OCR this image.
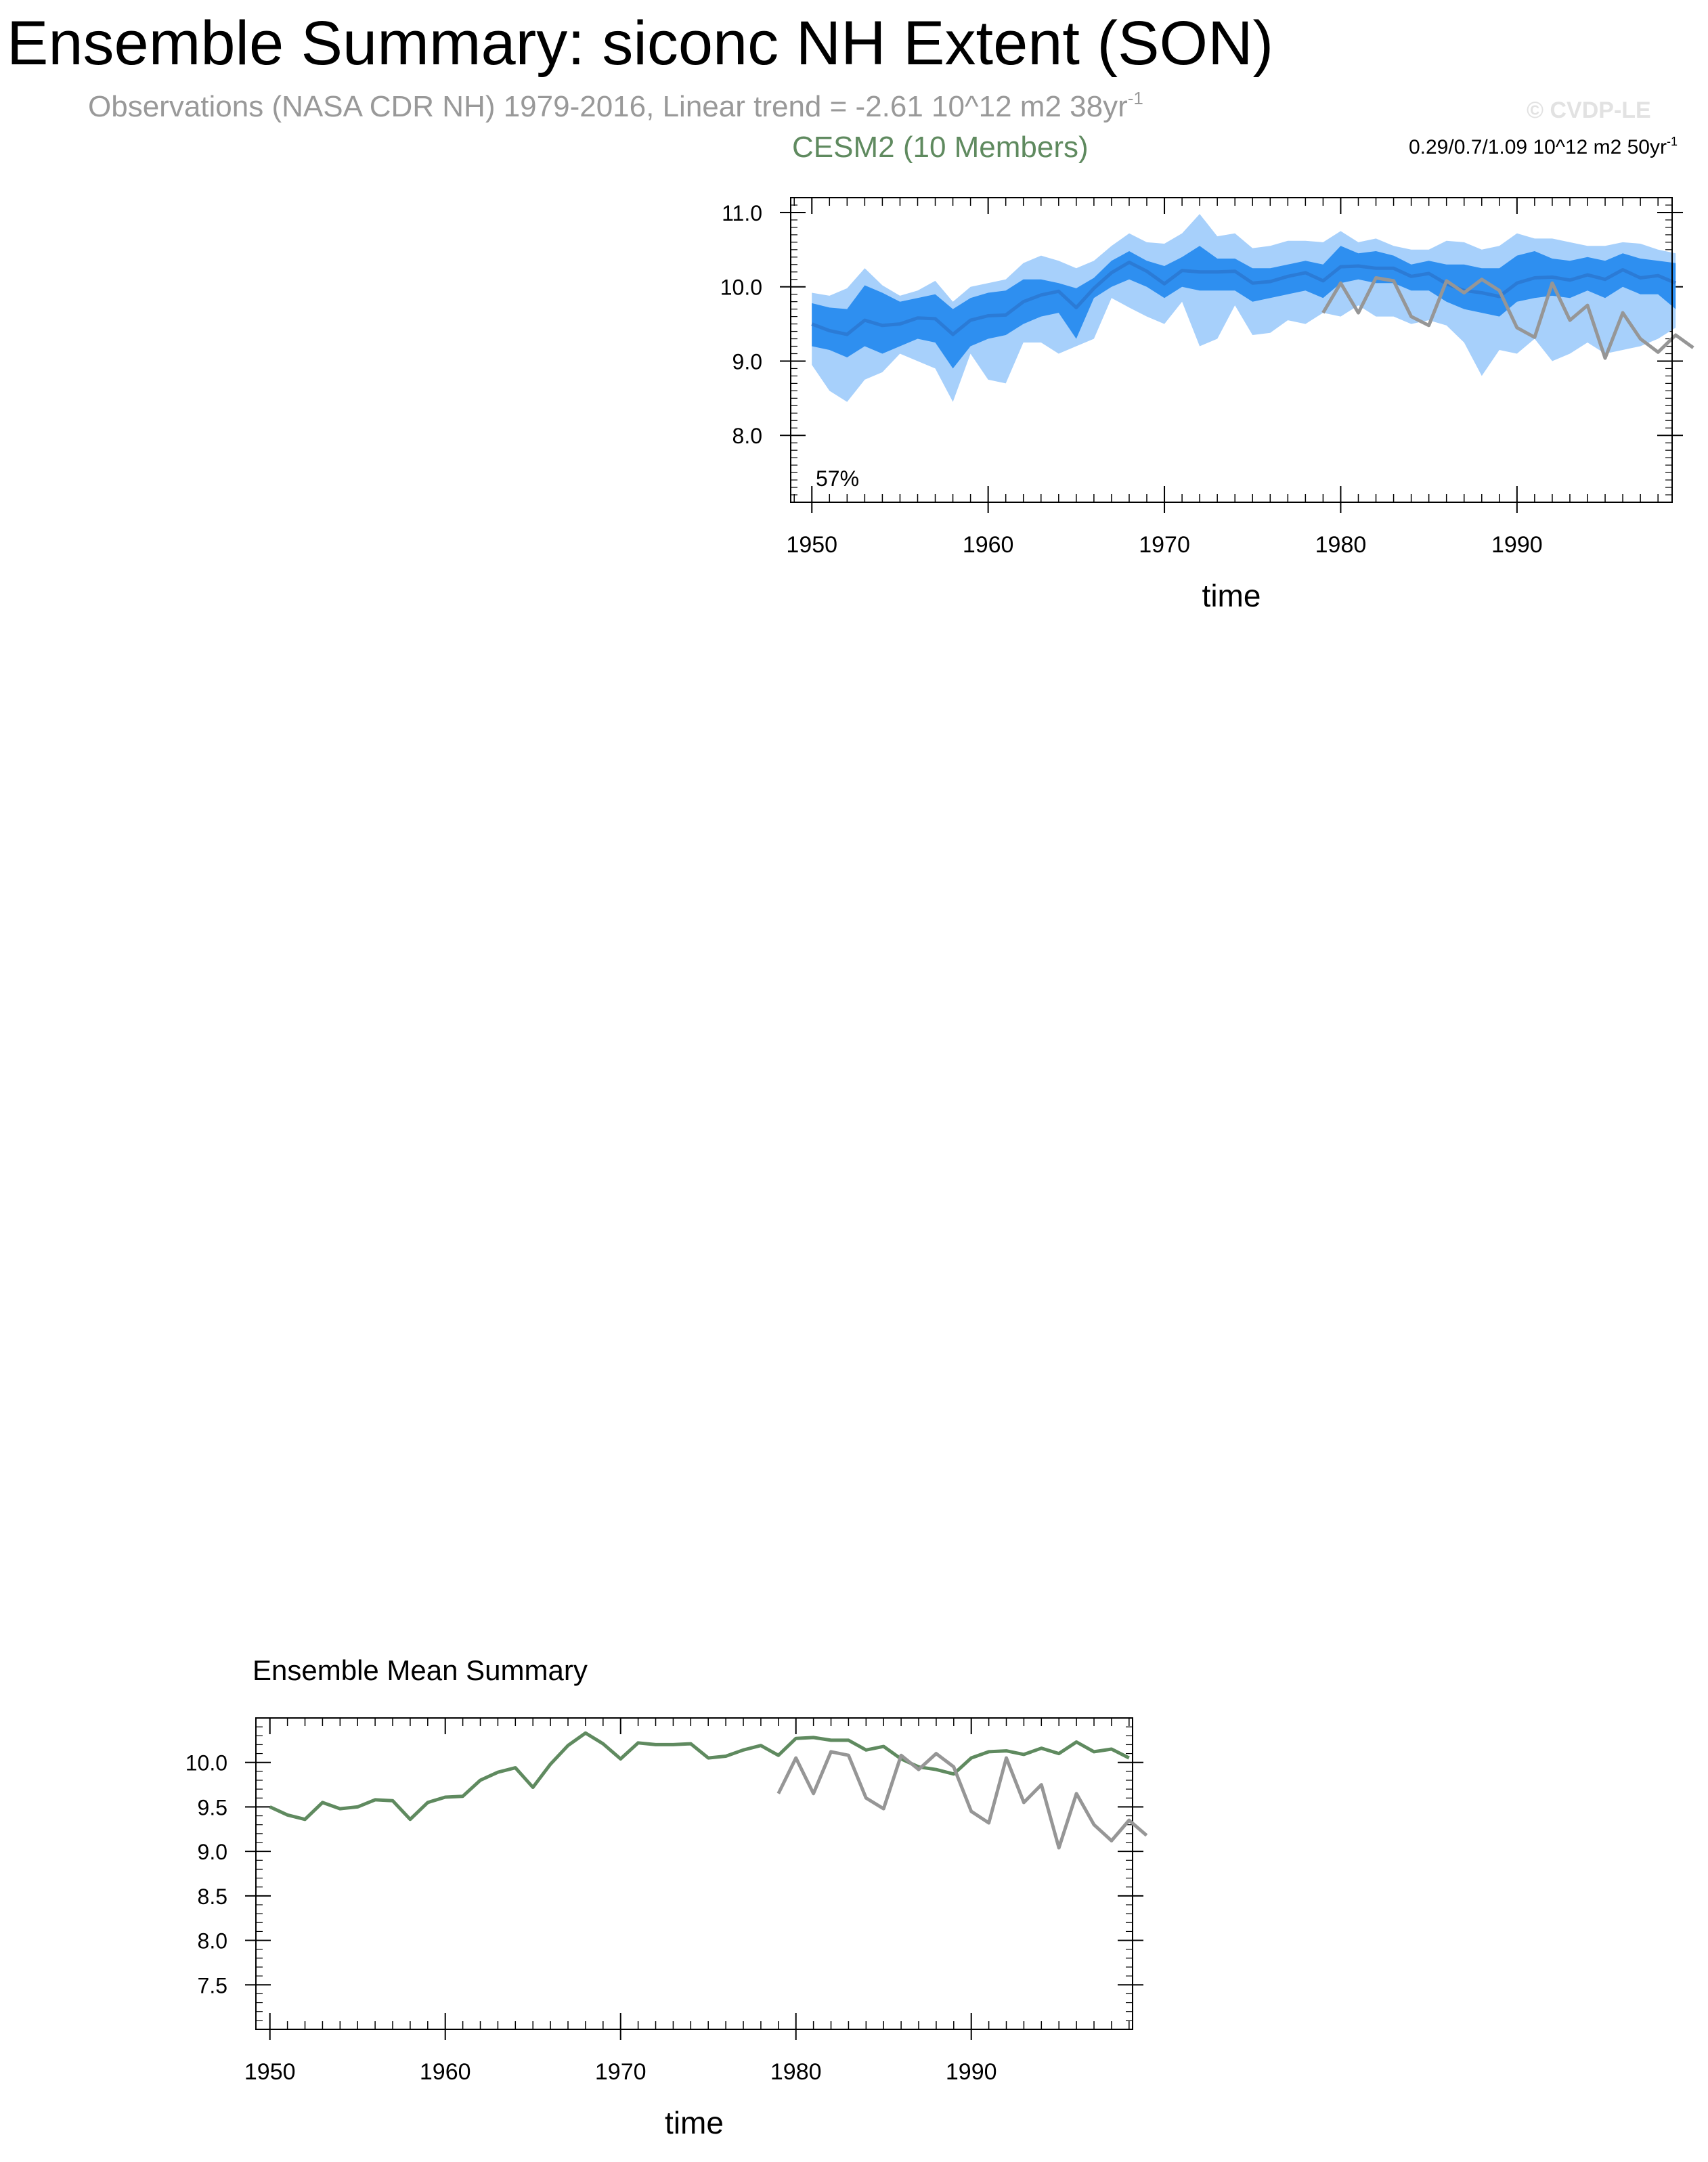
Ensemble Summary: siconc NH Extent (SON)
Observations (NASA CDR NH) 1979-2016, Linear trend = -2.61 10^12 m2 $38yr^{-1}$	© CVDP-LE
CESM2 (10 Members)	0.29/0.7/1.09 10^12 m2 $50yr^{-1}$
Ensemble Mean Summary
1950	1960	1970	1980	1990
8.0
9.0
10.0
11.0
time
57%
1950	1960	1970	1980	1990
7.5
8.0
8.5
9.0
9.5
10.0
time
